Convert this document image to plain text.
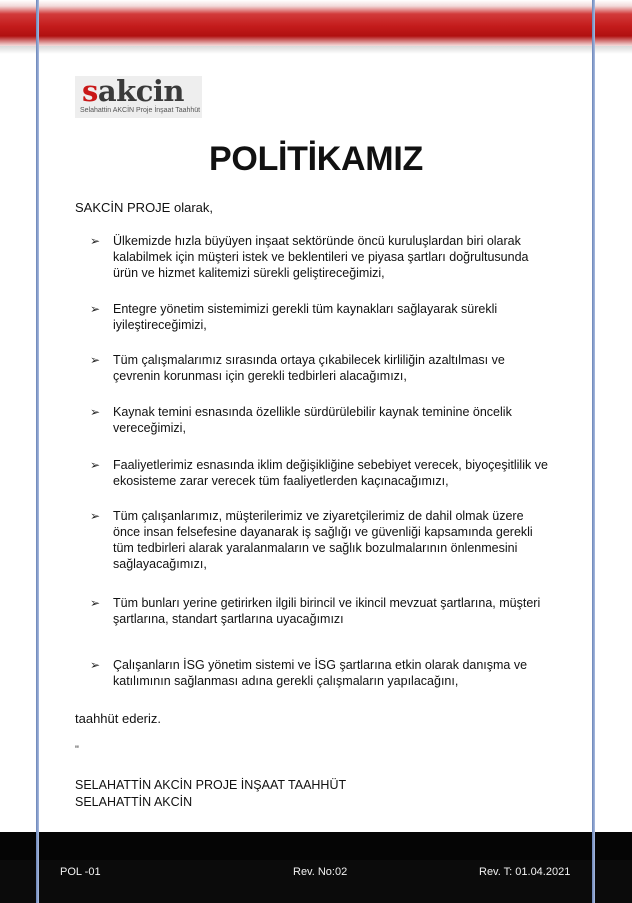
sakcin
Selahattin AKCİN Proje İnşaat Taahhüt
POLİTİKAMIZ
SAKCİN PROJE olarak,
➢ Ülkemizde hızla büyüyen inşaat sektöründe öncü kuruluşlardan biri olarak kalabilmek için müşteri istek ve beklentileri ve piyasa şartları doğrultusunda ürün ve hizmet kalitemizi sürekli geliştireceğimizi,
➢ Entegre yönetim sistemimizi gerekli tüm kaynakları sağlayarak sürekli iyileştireceğimizi,
➢ Tüm çalışmalarımız sırasında ortaya çıkabilecek kirliliğin azaltılması ve çevrenin korunması için gerekli tedbirleri alacağımızı,
➢ Kaynak temini esnasında özellikle sürdürülebilir kaynak teminine öncelik vereceğimizi,
➢ Faaliyetlerimiz esnasında iklim değişikliğine sebebiyet verecek, biyoçeşitlilik ve ekosisteme zarar verecek tüm faaliyetlerden kaçınacağımızı,
➢ Tüm çalışanlarımız, müşterilerimiz ve ziyaretçilerimiz de dahil olmak üzere önce insan felsefesine dayanarak iş sağlığı ve güvenliği kapsamında gerekli tüm tedbirleri alarak yaralanmaların ve sağlık bozulmalarının önlenmesini sağlayacağımızı,
➢ Tüm bunları yerine getirirken ilgili birincil ve ikincil mevzuat şartlarına, müşteri şartlarına, standart şartlarına uyacağımızı
➢ Çalışanların İSG yönetim sistemi ve İSG şartlarına etkin olarak danışma ve katılımının sağlanması adına gerekli çalışmaların yapılacağını,
taahhüt ederiz.
"
SELAHATTİN AKCİN PROJE İNŞAAT TAAHHÜT
SELAHATTİN AKCİN
POL -01	Rev. No:02	Rev. T: 01.04.2021
